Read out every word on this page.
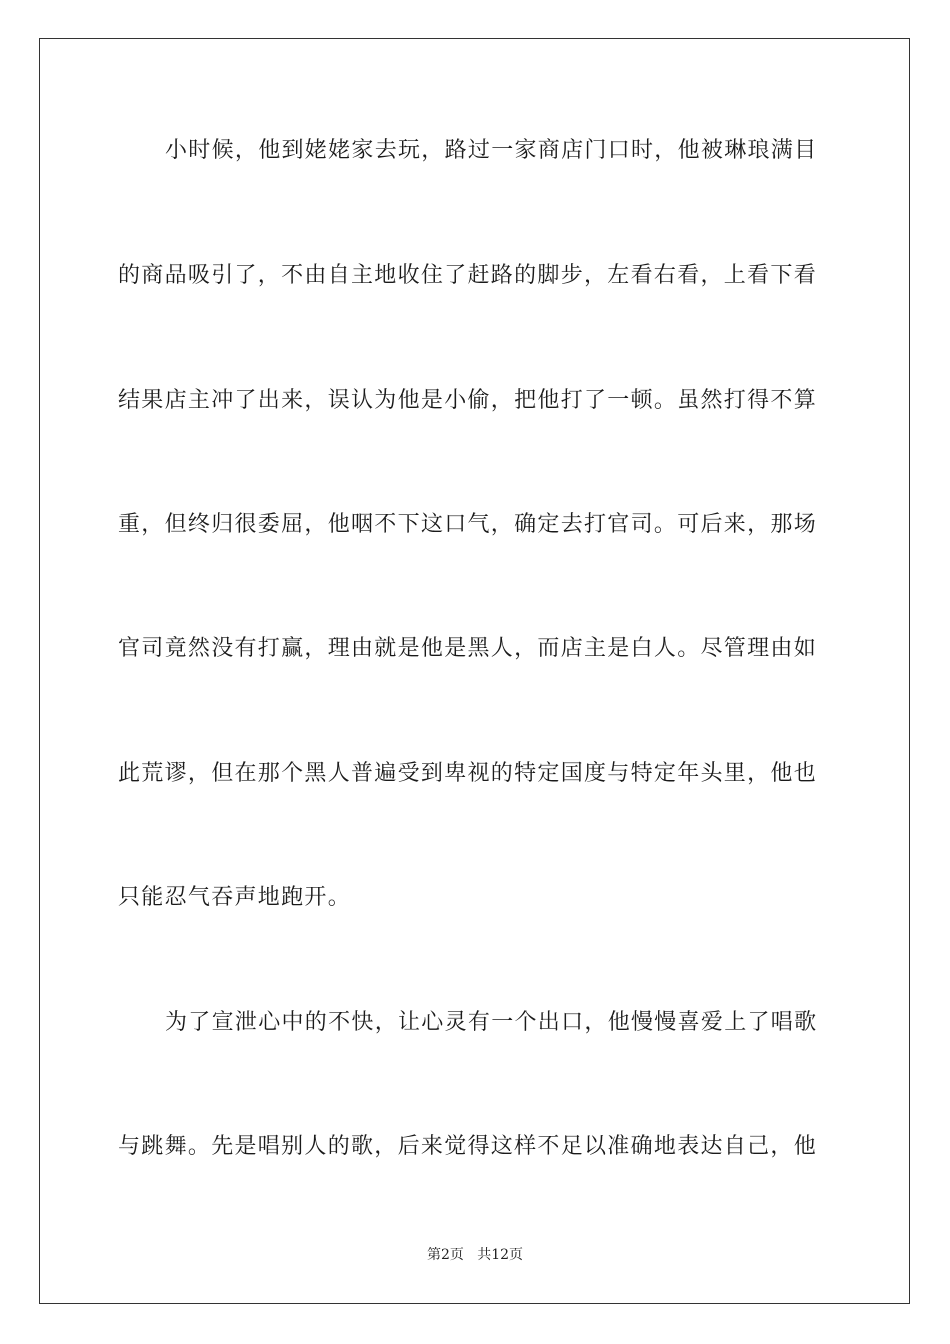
小时候，他到姥姥家去玩，路过一家商店门口时，他被琳琅满目
的商品吸引了，不由自主地收住了赶路的脚步，左看右看，上看下看
结果店主冲了出来，误认为他是小偷，把他打了一顿。虽然打得不算
重，但终归很委屈，他咽不下这口气，确定去打官司。可后来，那场
官司竟然没有打赢，理由就是他是黑人，而店主是白人。尽管理由如
此荒谬，但在那个黑人普遍受到卑视的特定国度与特定年头里，他也
只能忍气吞声地跑开。
为了宣泄心中的不快，让心灵有一个出口，他慢慢喜爱上了唱歌
与跳舞。先是唱别人的歌，后来觉得这样不足以准确地表达自己，他
第2页   共12页
